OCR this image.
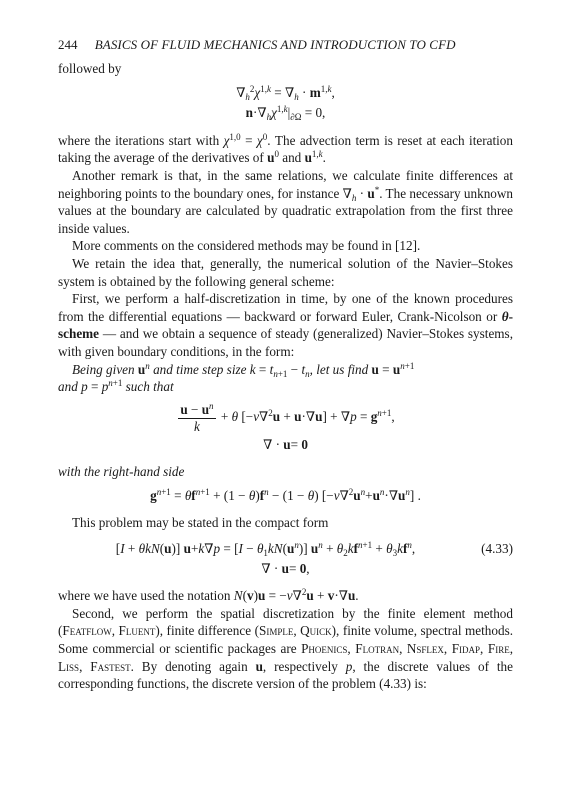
244 BASICS OF FLUID MECHANICS AND INTRODUCTION TO CFD

followed by

$\nabla_h^2\chi^{1,k} = \nabla_h \cdot m^{1,k}$,
$n\cdot\nabla_h\chi^{1,k}|_{\partial\Omega} = 0$,

where the iterations start with $\chi^{1,0} = \chi^0$. The advection term is reset at each iteration taking the average of the derivatives of $u^0$ and $u^{1,k}$.

Another remark is that, in the same relations, we calculate finite differences at neighboring points to the boundary ones, for instance $\nabla_h \cdot u^*$. The necessary unknown values at the boundary are calculated by quadratic extrapolation from the first three inside values.

More comments on the considered methods may be found in [12].

We retain the idea that, generally, the numerical solution of the Navier–Stokes system is obtained by the following general scheme:

First, we perform a half-discretization in time, by one of the known procedures from the differential equations — backward or forward Euler, Crank-Nicolson or θ-scheme — and we obtain a sequence of steady (generalized) Navier–Stokes systems, with given boundary conditions, in the form:

Being given $u^n$ and time step size $k = t_{n+1} - t_n$, let us find $u = u^{n+1}$
and $p = p^{n+1}$ such that

$\frac{u - u^n}{k} + \theta$ $[-\nu\nabla^2u + u\cdot\nabla u] + \nabla p = g^{n+1}$,
∇ · u= 0

with the right-hand side

$g^{n+1} = \theta f^{n+1} + (1 - \theta)f^n - (1 - \theta)$ $[-\nu\nabla^2u^n+u^n\cdot\nabla u^n]$ .

This problem may be stated in the compact form

[I + θkN(u)] $u+k\nabla p = [I - \theta_1kN(u^n)]$ $u^n + \theta_2kf^{n+1} + \theta_3kf^n$,	(4.33)
∇ · u= 0,

where we have used the notation N(v)u = −ν∇$^2$u + v·∇u.

Second, we perform the spatial discretization by the finite element method (Featflow, Fluent), finite difference (Simple, Quick), finite volume, spectral methods. Some commercial or scientific packages are Phoenics, Flotran, Nsflex, Fidap, Fire, Liss, Fastest. By denoting again u, respectively p, the discrete values of the corresponding functions, the discrete version of the problem (4.33) is:
